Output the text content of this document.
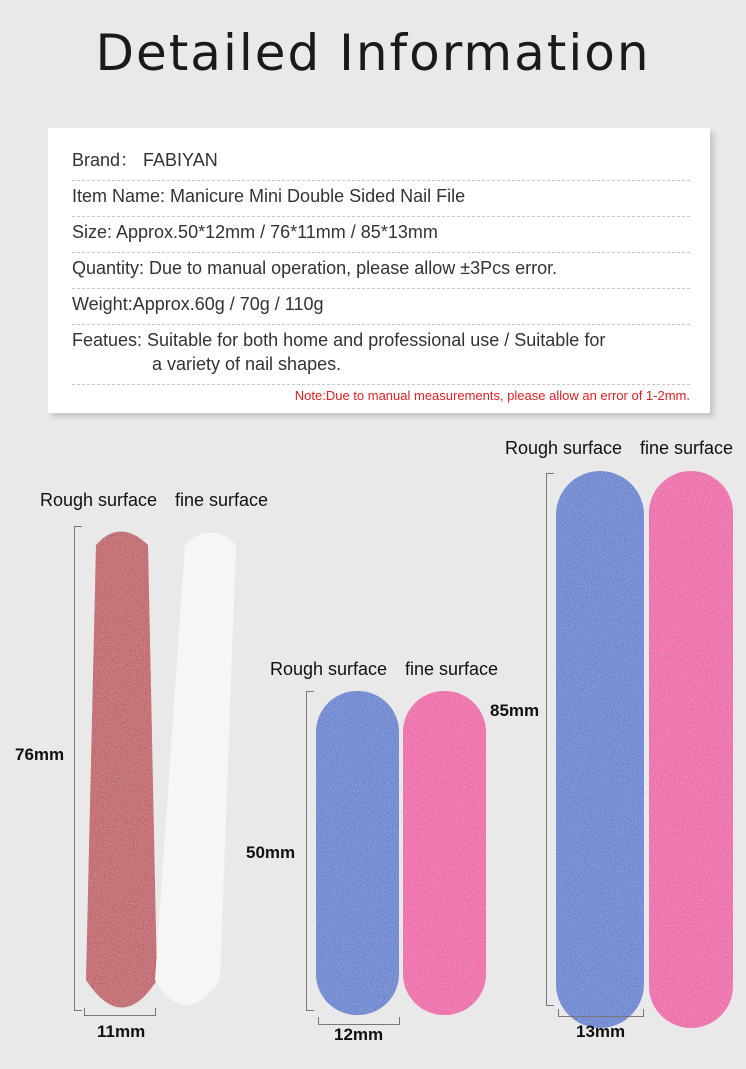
Detailed Information
Brand： FABIYAN
Item Name: Manicure Mini Double Sided Nail File
Size: Approx.50*12mm / 76*11mm / 85*13mm
Quantity: Due to manual operation, please allow ±3Pcs error.
Weight:Approx.60g / 70g / 110g
Featues: Suitable for both home and professional use / Suitable for
a variety of nail shapes.
Note:Due to manual measurements, please allow an error of 1-2mm.
Rough surface fine surface
76mm
11mm
Rough surface fine surface
50mm
12mm
Rough surface fine surface
85mm
13mm
